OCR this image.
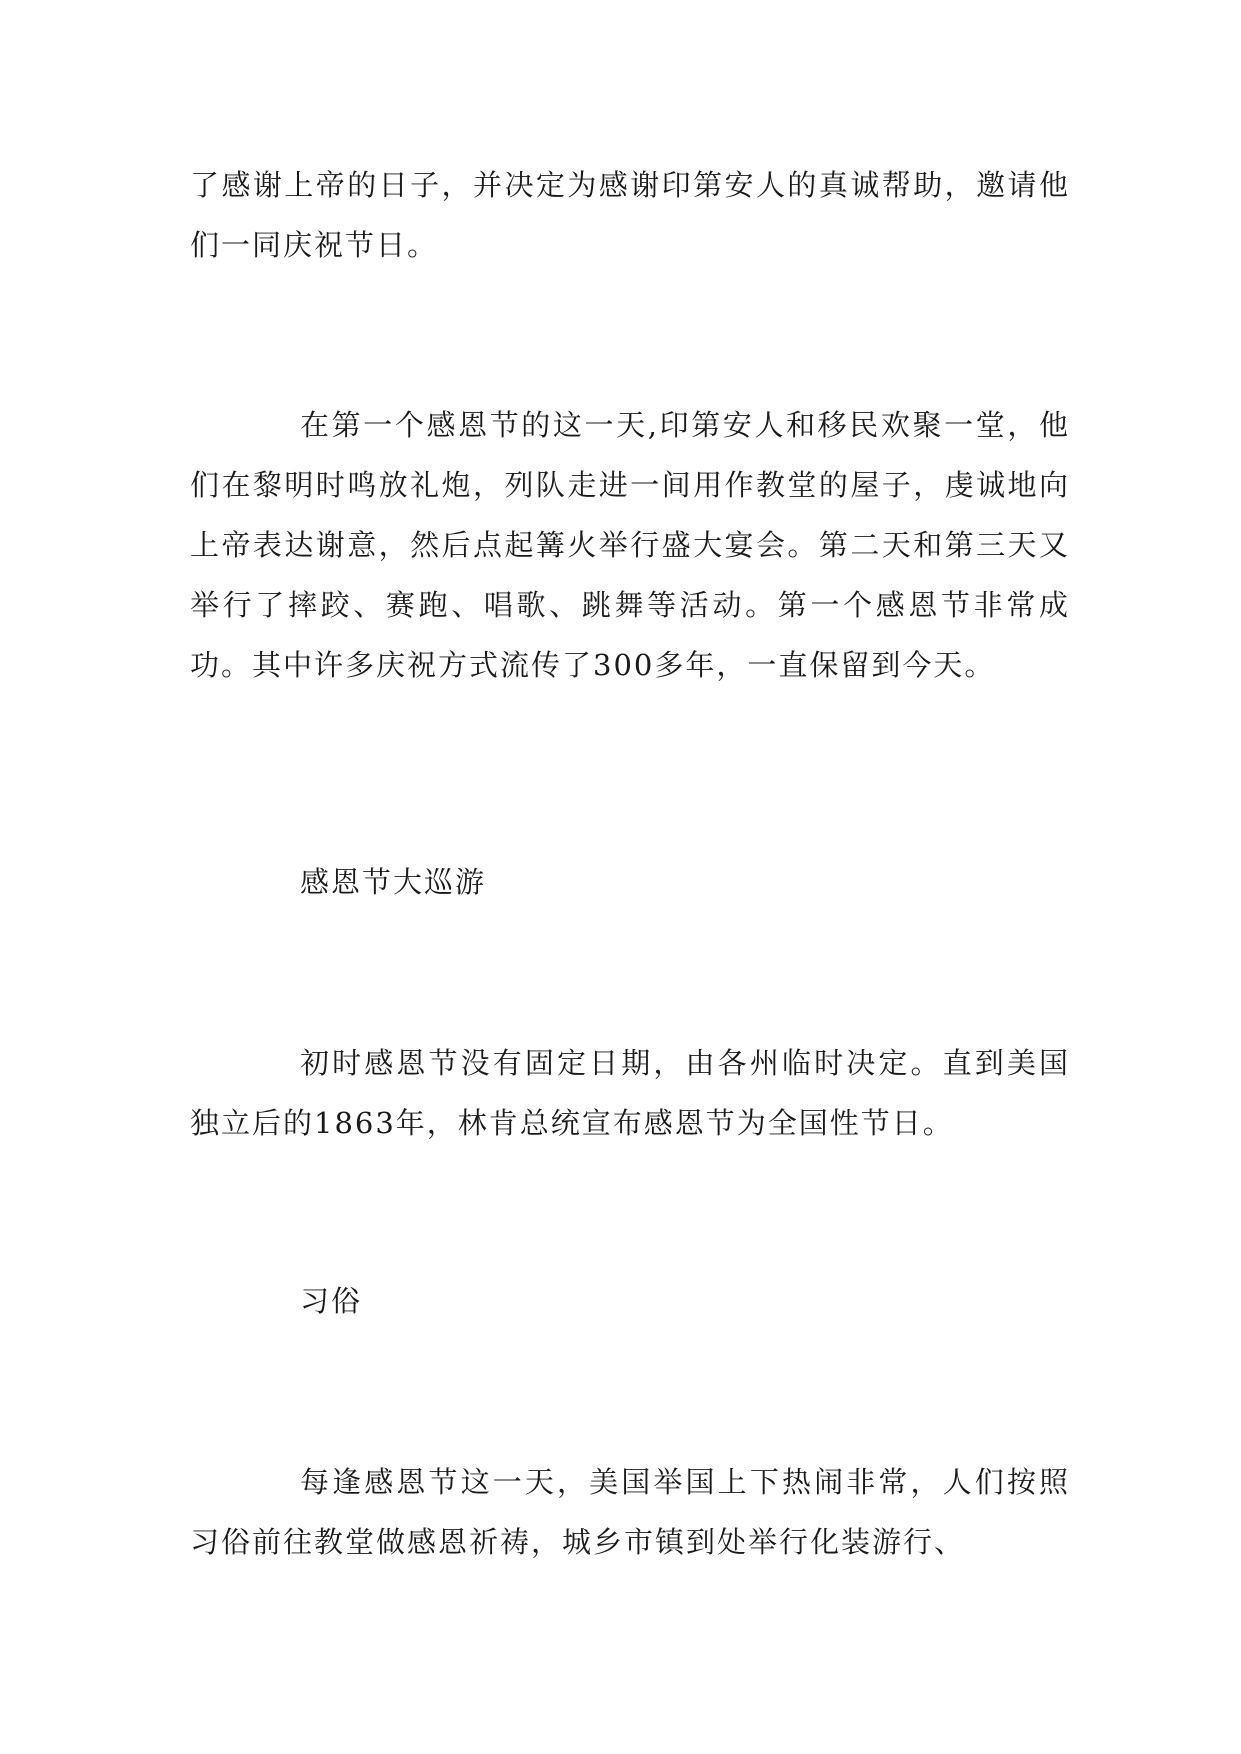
了感谢上帝的日子，并决定为感谢印第安人的真诚帮助，邀请他们一同庆祝节日。

在第一个感恩节的这一天,印第安人和移民欢聚一堂，他们在黎明时鸣放礼炮，列队走进一间用作教堂的屋子，虔诚地向上帝表达谢意，然后点起篝火举行盛大宴会。第二天和第三天又举行了摔跤、赛跑、唱歌、跳舞等活动。第一个感恩节非常成功。其中许多庆祝方式流传了300多年，一直保留到今天。

感恩节大巡游

初时感恩节没有固定日期，由各州临时决定。直到美国独立后的1863年，林肯总统宣布感恩节为全国性节日。

习俗

每逢感恩节这一天，美国举国上下热闹非常，人们按照习俗前往教堂做感恩祈祷，城乡市镇到处举行化装游行、
